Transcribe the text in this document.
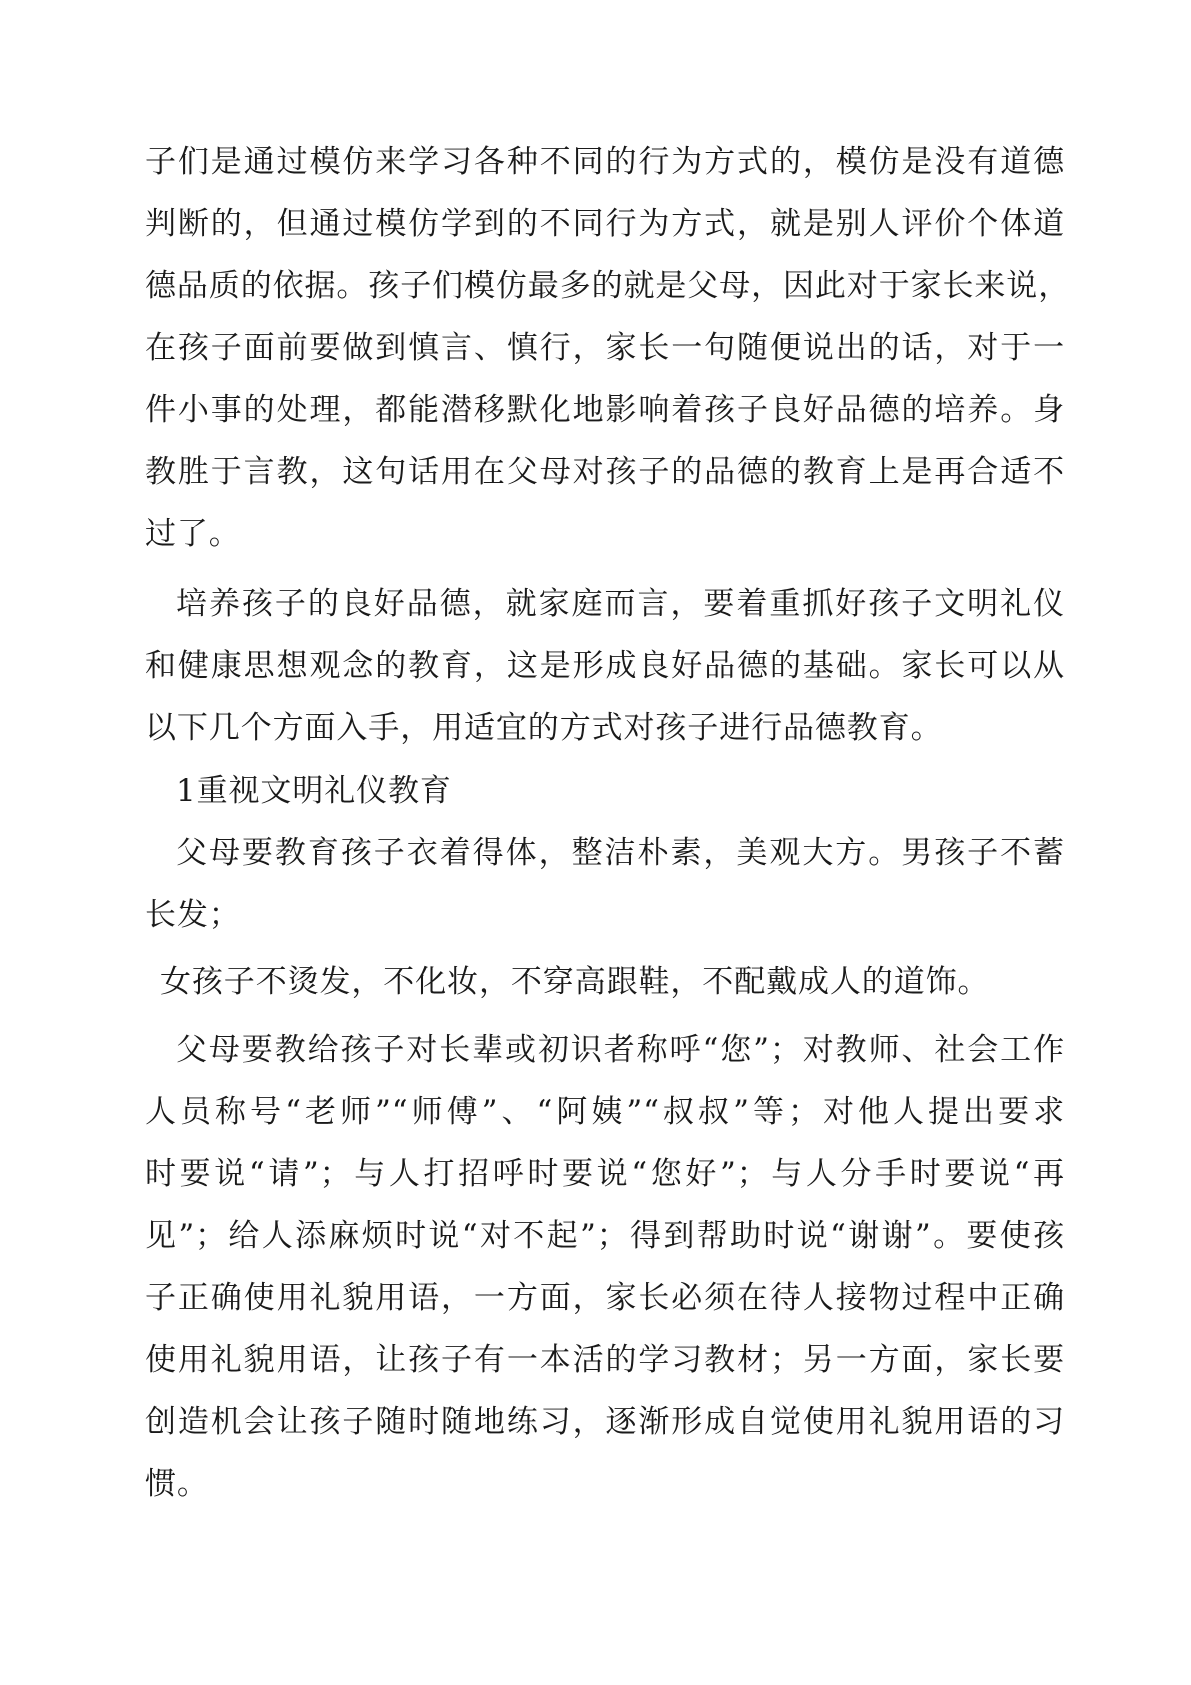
子们是通过模仿来学习各种不同的行为方式的，模仿是没有道德
判断的，但通过模仿学到的不同行为方式，就是别人评价个体道
德品质的依据。孩子们模仿最多的就是父母，因此对于家长来说，
在孩子面前要做到慎言、慎行，家长一句随便说出的话，对于一
件小事的处理，都能潜移默化地影响着孩子良好品德的培养。身
教胜于言教，这句话用在父母对孩子的品德的教育上是再合适不
过了。
培养孩子的良好品德，就家庭而言，要着重抓好孩子文明礼仪
和健康思想观念的教育，这是形成良好品德的基础。家长可以从
以下几个方面入手，用适宜的方式对孩子进行品德教育。
1重视文明礼仪教育
父母要教育孩子衣着得体，整洁朴素，美观大方。男孩子不蓄
长发；
女孩子不烫发，不化妆，不穿高跟鞋，不配戴成人的道饰。
父母要教给孩子对长辈或初识者称呼“您”；对教师、社会工作
人员称号“老师”“师傅”、“阿姨”“叔叔”等；对他人提出要求
时要说“请”；与人打招呼时要说“您好”；与人分手时要说“再
见”；给人添麻烦时说“对不起”；得到帮助时说“谢谢”。要使孩
子正确使用礼貌用语，一方面，家长必须在待人接物过程中正确
使用礼貌用语，让孩子有一本活的学习教材；另一方面，家长要
创造机会让孩子随时随地练习，逐渐形成自觉使用礼貌用语的习
惯。
